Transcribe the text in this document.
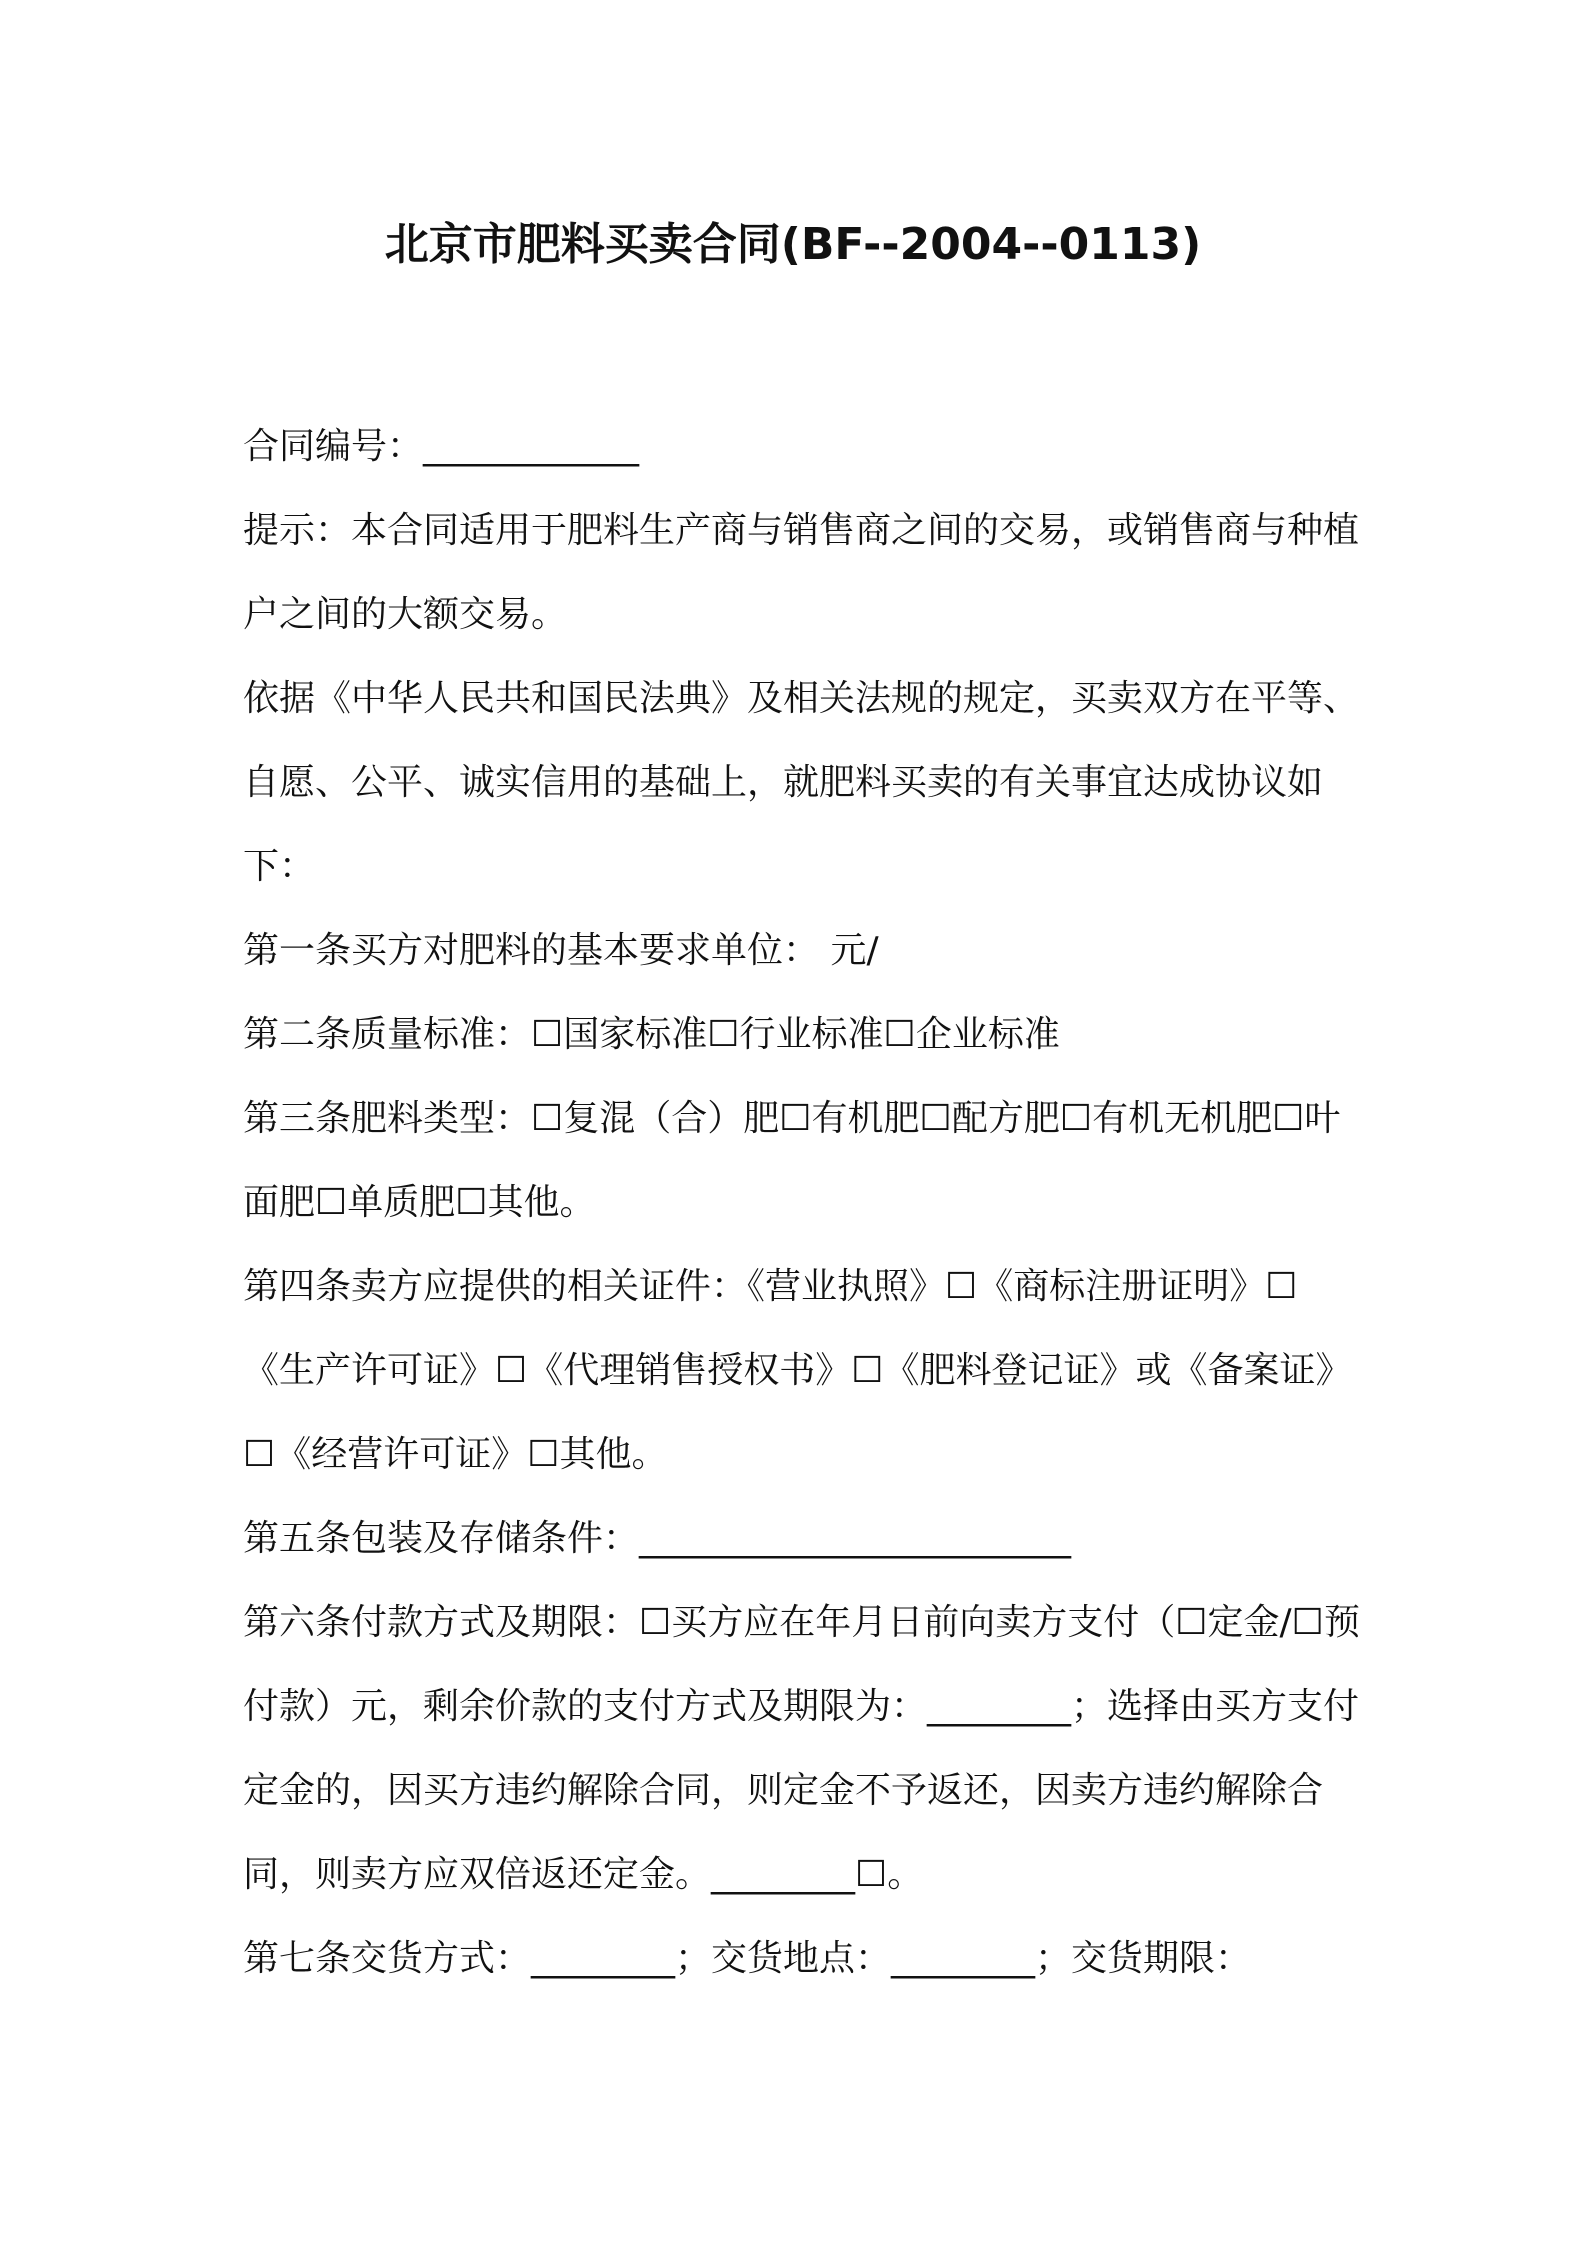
北京市肥料买卖合同(BF--2004--0113)

合同编号：____________

提示：本合同适用于肥料生产商与销售商之间的交易，或销售商与种植户之间的大额交易。

依据《中华人民共和国民法典》及相关法规的规定，买卖双方在平等、自愿、公平、诚实信用的基础上，就肥料买卖的有关事宜达成协议如下：

第一条买方对肥料的基本要求单位： 元/

第二条质量标准：☐国家标准☐行业标准☐企业标准

第三条肥料类型：☐复混（合）肥☐有机肥☐配方肥☐有机无机肥☐叶面肥☐单质肥☐其他。

第四条卖方应提供的相关证件：《营业执照》☐《商标注册证明》☐《生产许可证》☐《代理销售授权书》☐《肥料登记证》或《备案证》☐《经营许可证》☐其他。

第五条包装及存储条件：________________________

第六条付款方式及期限：☐买方应在年月日前向卖方支付（☐定金/☐预付款）元，剩余价款的支付方式及期限为：________；选择由买方支付定金的，因买方违约解除合同，则定金不予返还，因卖方违约解除合同，则卖方应双倍返还定金。________☐。

第七条交货方式：________；交货地点：________；交货期限：
